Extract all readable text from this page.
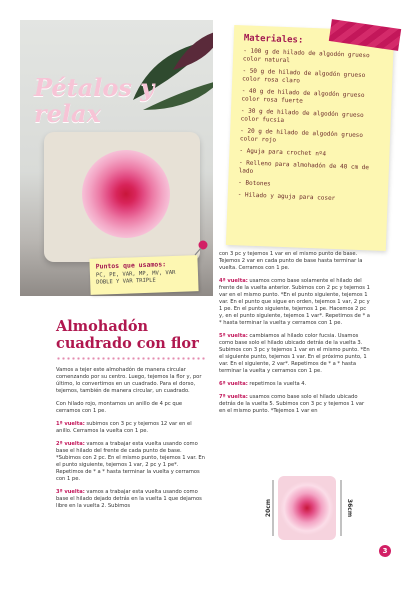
Pétalos y relax
Materiales:
- 100 g de hilado de algodón grueso color natural
- 50 g de hilado de algodón grueso color rosa claro
- 40 g de hilado de algodón grueso color rosa fuerte
- 30 g de hilado de algodón grueso color fucsia
- 20 g de hilado de algodón grueso color rojo
- Aguja para crochet nº4
- Relleno para almohadón de 40 cm de lado
- Botones
- Hilado y aguja para coser
Puntos que usamos:
PC, PE, VAR, MP, MV, VAR DOBLE Y VAR TRIPLE
Almohadón cuadrado con flor

Vamos a tejer este almohadón de manera circular comenzando por su centro. Luego, tejemos la flor y, por último, lo convertimos en un cuadrado. Para el dorso, tejemos, también de manera circular, un cuadrado.

Con hilado rojo, montamos un anillo de 4 pc que cerramos con 1 pe.

1ª vuelta: subimos con 3 pc y tejemos 12 var en el anillo. Cerramos la vuelta con 1 pe.

2ª vuelta: vamos a trabajar esta vuelta usando como base el hilado del frente de cada punto de base. *Subimos con 2 pc. En el mismo punto, tejemos 1 var. En el punto siguiente, tejemos 1 var, 2 pc y 1 pe*. Repetimos de * a * hasta terminar la vuelta y cerramos con 1 pe.

3ª vuelta: vamos a trabajar esta vuelta usando como base el hilado dejado detrás en la vuelta 1 que dejamos libre en la vuelta 2. Subimos

con 3 pc y tejemos 1 var en el mismo punto de base. Tejemos 2 var en cada punto de base hasta terminar la vuelta. Cerramos con 1 pe.

4ª vuelta: usamos como base solamente el hilado del frente de la vuelta anterior. Subimos con 2 pc y tejemos 1 var en el mismo punto. *En el punto siguiente, tejemos 1 var. En el punto que sigue en orden, tejemos 1 var, 2 pc y 1 pe. En el punto siguiente, tejemos 1 pe. Hacemos 2 pc y, en el punto siguiente, tejemos 1 var*. Repetimos de * a * hasta terminar la vuelta y cerramos con 1 pe.

5ª vuelta: cambiamos al hilado color fucsia. Usamos como base solo el hilado ubicado detrás de la vuelta 3. Subimos con 3 pc y tejemos 1 var en el mismo punto. *En el siguiente punto, tejemos 1 var. En el próximo punto, 1 var. En el siguiente, 2 var*. Repetimos de * a * hasta terminar la vuelta y cerramos con 1 pe.

6ª vuelta: repetimos la vuelta 4.

7ª vuelta: usamos como base solo el hilado ubicado detrás de la vuelta 5. Subimos con 3 pc y tejemos 1 var en el mismo punto. *Tejemos 1 var en

20cm	36cm
3
